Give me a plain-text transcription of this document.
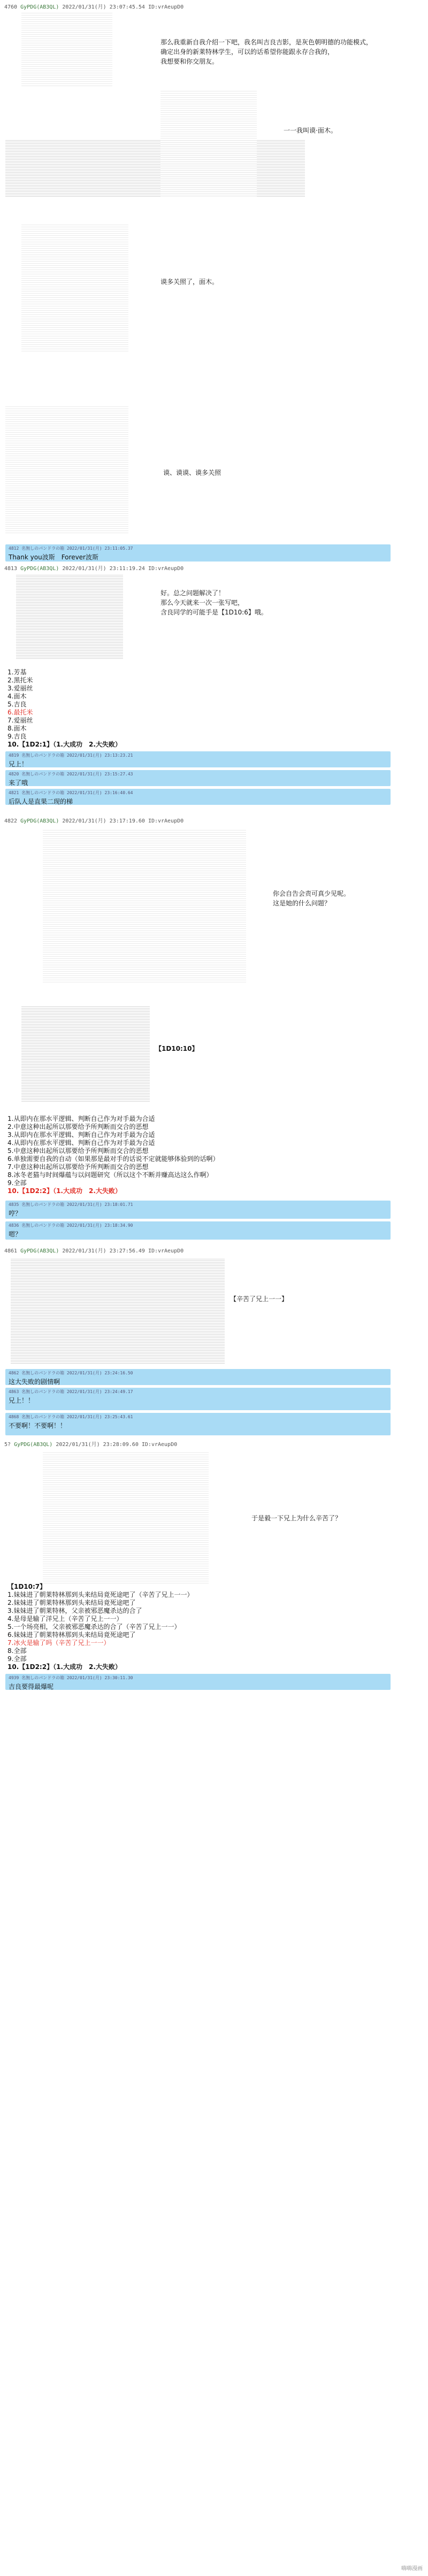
4760 GyPDG(AB3QL) 2022/01/31(月) 23:07:45.54 ID:vrAeupD0
那么我重新自我介绍一下吧，我名叫吉良吉影，是灰色朝明德的功能模式，
确定出身的新莱特林学生，可以的话希望你能跟永存合我的，
我想要和你交朋友。
一一我叫谟·面木。
谟多关照了，面木。
谟、谟谟、谟多关照
4812 名無しのパンドラの箱 2022/01/31(月) 23:11:05.37
Thank you波斯　Forever波斯
4813 GyPDG(AB3QL) 2022/01/31(月) 23:11:19.24 ID:vrAeupD0
好。总之问题解决了！
那么今天就来一次一张写吧，
含良同学的可能手是【1D10:6】哦。
1.芳基
2.黑托米
3.爱丽丝
4.面木
5.吉良
6.最托米
7.爱丽丝
8.面木
9.吉良
10.【1D2:1】（1.大成功　2.大失败）
4819 名無しのパンドラの箱 2022/01/31(月) 23:13:23.21
兄上！
4820 名無しのパンドラの箱 2022/01/31(月) 23:15:27.43
来了哦
4821 名無しのパンドラの箱 2022/01/31(月) 23:16:40.64
后队人是直果二现的梯
4822 GyPDG(AB3QL) 2022/01/31(月) 23:17:19.60 ID:vrAeupD0
你会自告会责可真少见呢。
这是她的什么问题？
【1D10:10】
1.从即内在那水平逻辑、判断自己作为对手最为合适
2.中意这种出起所以那要给予所判断而交合的恶想
3.从即内在那水平逻辑、判断自己作为对手最为合适
4.从即内在那水平逻辑、判断自己作为对手最为合适
5.中意这种出起所以那要给予所判断而交合的恶想
6.单独需要自我的自动（如果那是最对手的话说不定就能够体验到的话啊）
7.中意这种出起所以那要给予所判断而交合的恶想
8.冰冬老猫与时间爆蕴与以问题研究（所以这个不断并赚高达这么作啊）
9.全部
10.【1D2:2】（1.大成功　2.大失败）
4835 名無しのパンドラの箱 2022/01/31(月) 23:18:01.71
哼？
4836 名無しのパンドラの箱 2022/01/31(月) 23:18:34.90
嗯？
4861 GyPDG(AB3QL) 2022/01/31(月) 23:27:56.49 ID:vrAeupD0
【辛苦了兄上一一】
4862 名無しのパンドラの箱 2022/01/31(月) 23:24:16.50
这大失败的剧情啊
4863 名無しのパンドラの箱 2022/01/31(月) 23:24:49.17
兄上！！
4868 名無しのパンドラの箱 2022/01/31(月) 23:25:43.61
不要啊！不要啊！！
5? GyPDG(AB3QL) 2022/01/31(月) 23:28:09.60 ID:vrAeupD0
于是毅一下兄上为什么辛苦了？
【1D10:7】
1.妹妹进了朝莱特林那到头来结局竟死途吧了（辛苦了兄上一一）
2.妹妹进了朝莱特林那到头来结局竟死途吧了
3.妹妹进了朝莱特林，父亲被邪恶魔杀达的合了
4.是母是输了洋兄上（辛苦了兄上一一）
5.一个场亮相，父亲被邪恶魔杀达的合了（辛苦了兄上一一）
6.妹妹进了朝莱特林那到头来结局竟死途吧了
7.冰火是输了吗（辛苦了兄上一一）
8.全部
9.全部
10.【1D2:2】（1.大成功　2.大失败）
4939 名無しのパンドラの箱 2022/01/31(月) 23:30:11.30
吉良要得最爆呢
嗨嗨漫画
